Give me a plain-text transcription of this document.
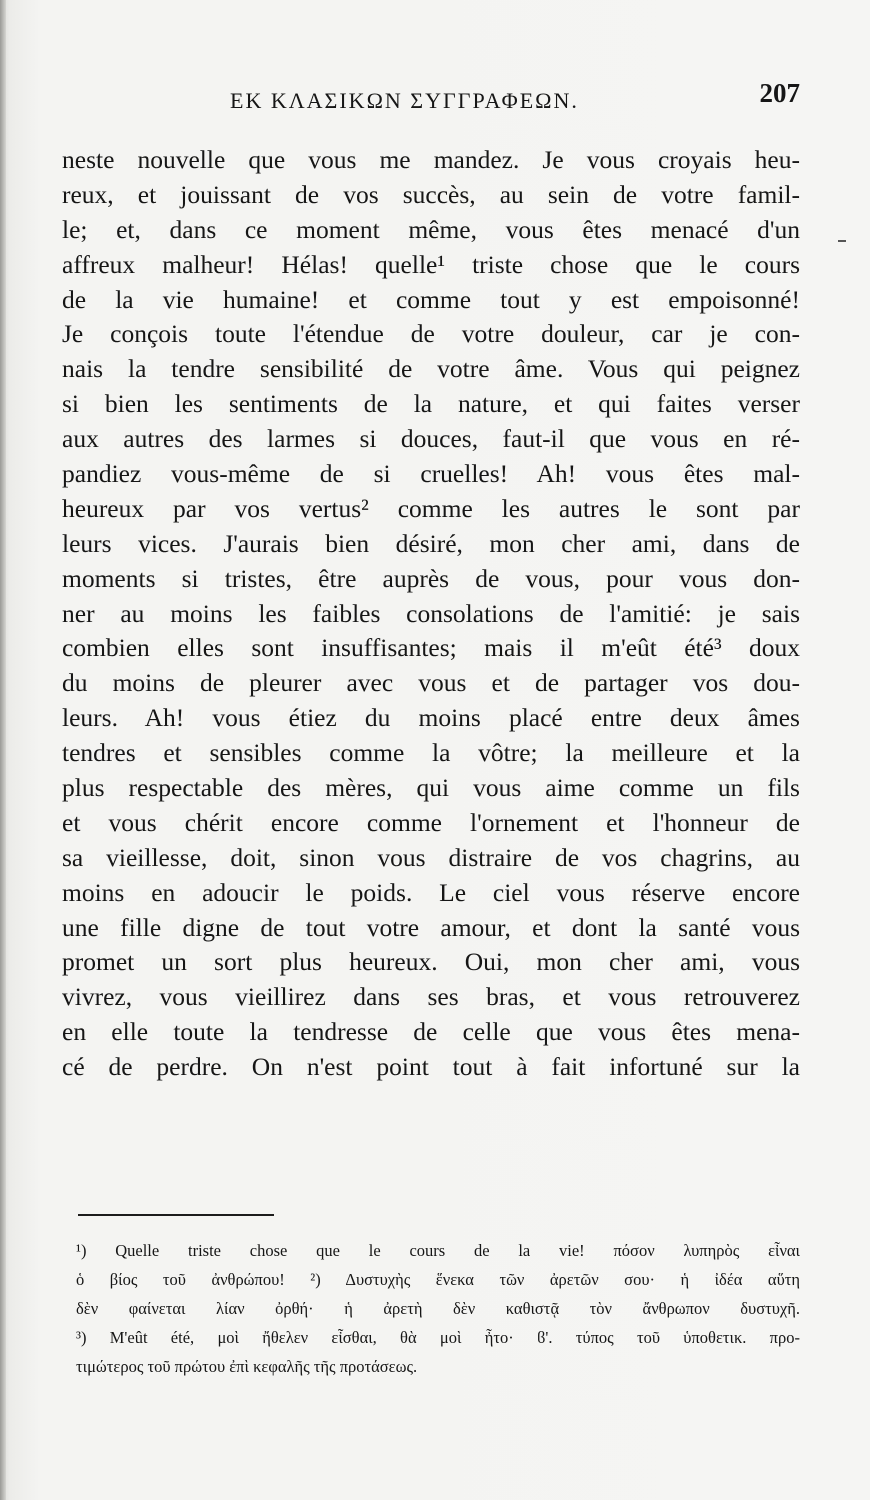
ΕΚ ΚΛΑΣΙΚΩΝ ΣΥΓΓΡΑΦΕΩΝ.	207
neste nouvelle que vous me mandez. Je vous croyais heu-
reux, et jouissant de vos succès, au sein de votre famil-
le; et, dans ce moment même, vous êtes menacé d'un
affreux malheur! Hélas! quelle¹ triste chose que le cours
de la vie humaine! et comme tout y est empoisonné!
Je conçois toute l'étendue de votre douleur, car je con-
nais la tendre sensibilité de votre âme. Vous qui peignez
si bien les sentiments de la nature, et qui faites verser
aux autres des larmes si douces, faut-il que vous en ré-
pandiez vous-même de si cruelles! Ah! vous êtes mal-
heureux par vos vertus² comme les autres le sont par
leurs vices. J'aurais bien désiré, mon cher ami, dans de
moments si tristes, être auprès de vous, pour vous don-
ner au moins les faibles consolations de l'amitié: je sais
combien elles sont insuffisantes; mais il m'eût été³ doux
du moins de pleurer avec vous et de partager vos dou-
leurs. Ah! vous étiez du moins placé entre deux âmes
tendres et sensibles comme la vôtre; la meilleure et la
plus respectable des mères, qui vous aime comme un fils
et vous chérit encore comme l'ornement et l'honneur de
sa vieillesse, doit, sinon vous distraire de vos chagrins, au
moins en adoucir le poids. Le ciel vous réserve encore
une fille digne de tout votre amour, et dont la santé vous
promet un sort plus heureux. Oui, mon cher ami, vous
vivrez, vous vieillirez dans ses bras, et vous retrouverez
en elle toute la tendresse de celle que vous êtes mena-
cé de perdre. On n'est point tout à fait infortuné sur la
¹) Quelle triste chose que le cours de la vie! πόσον λυπηρὸς εἶναι
ὁ βίος τοῦ ἀνθρώπου! ²) Δυστυχὴς ἕνεκα τῶν ἀρετῶν σου· ἡ ἰδέα αὕτη
δὲν φαίνεται λίαν ὀρθή· ἡ ἀρετὴ δὲν καθιστᾷ τὸν ἄνθρωπον δυστυχῆ.
³) M'eût été, μοὶ ἤθελεν εἶσθαι, θὰ μοὶ ἦτο· ϐ'. τύπος τοῦ ὑποθετικ. προ-
τιμώτερος τοῦ πρώτου ἐπὶ κεφαλῆς τῆς προτάσεως.
